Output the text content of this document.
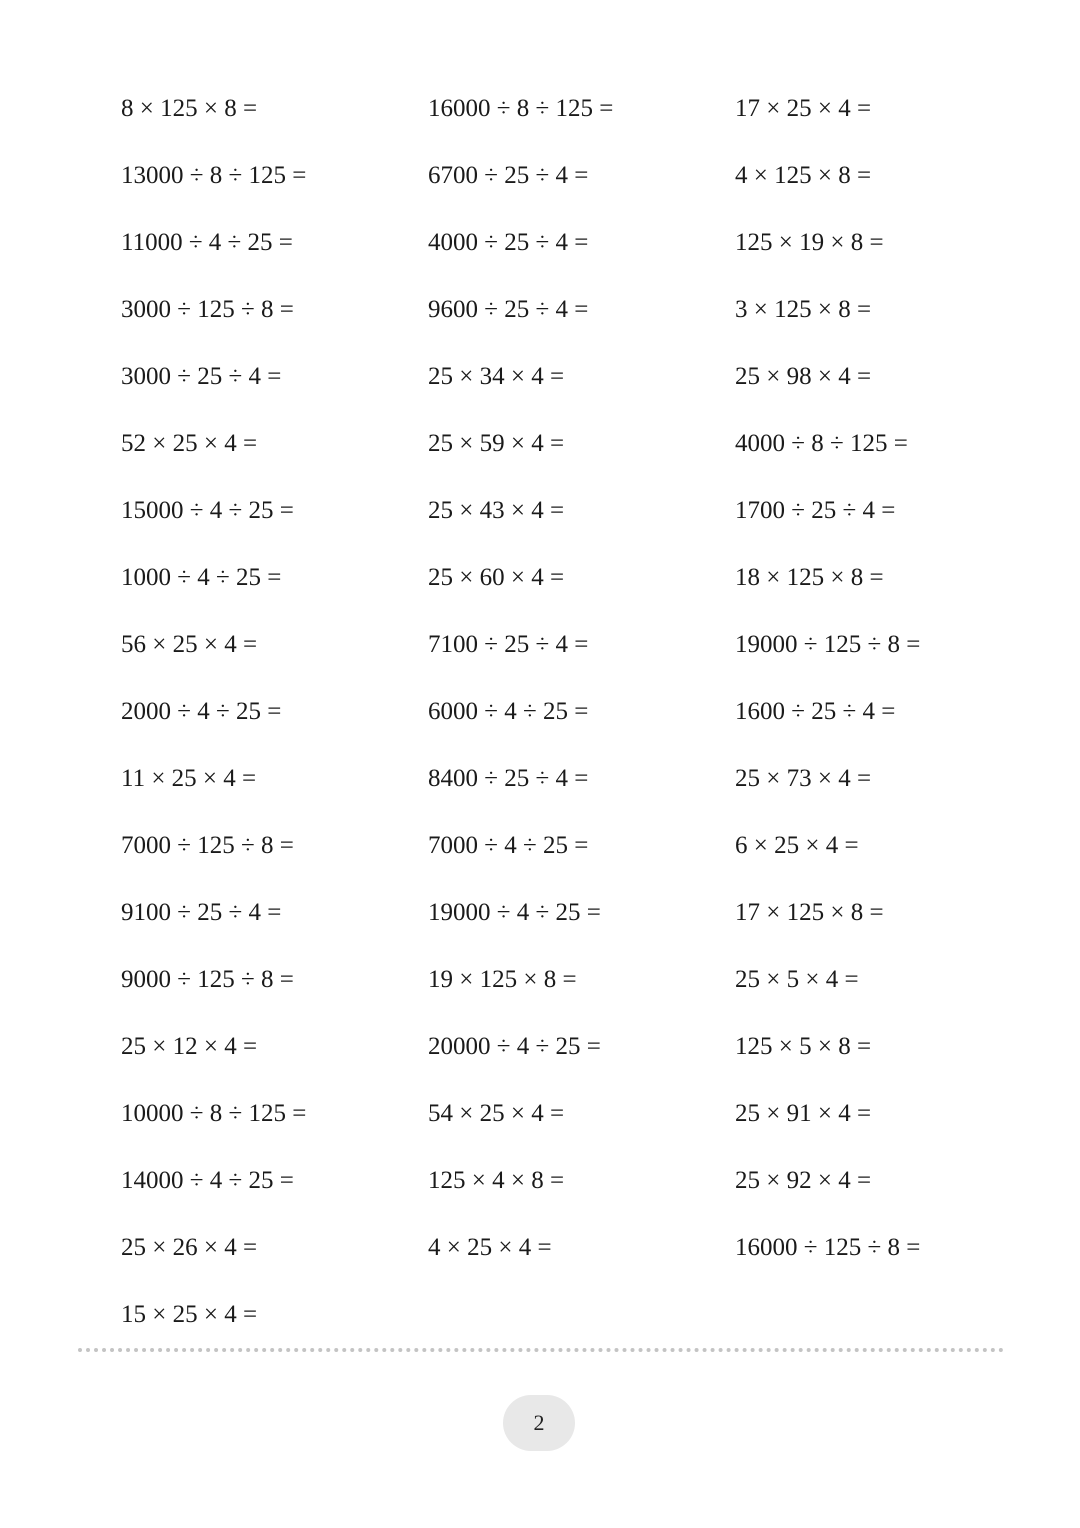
8 × 125 × 8 =	16000 ÷ 8 ÷ 125 =	17 × 25 × 4 =
13000 ÷ 8 ÷ 125 =	6700 ÷ 25 ÷ 4 =	4 × 125 × 8 =
11000 ÷ 4 ÷ 25 =	4000 ÷ 25 ÷ 4 =	125 × 19 × 8 =
3000 ÷ 125 ÷ 8 =	9600 ÷ 25 ÷ 4 =	3 × 125 × 8 =
3000 ÷ 25 ÷ 4 =	25 × 34 × 4 =	25 × 98 × 4 =
52 × 25 × 4 =	25 × 59 × 4 =	4000 ÷ 8 ÷ 125 =
15000 ÷ 4 ÷ 25 =	25 × 43 × 4 =	1700 ÷ 25 ÷ 4 =
1000 ÷ 4 ÷ 25 =	25 × 60 × 4 =	18 × 125 × 8 =
56 × 25 × 4 =	7100 ÷ 25 ÷ 4 =	19000 ÷ 125 ÷ 8 =
2000 ÷ 4 ÷ 25 =	6000 ÷ 4 ÷ 25 =	1600 ÷ 25 ÷ 4 =
11 × 25 × 4 =	8400 ÷ 25 ÷ 4 =	25 × 73 × 4 =
7000 ÷ 125 ÷ 8 =	7000 ÷ 4 ÷ 25 =	6 × 25 × 4 =
9100 ÷ 25 ÷ 4 =	19000 ÷ 4 ÷ 25 =	17 × 125 × 8 =
9000 ÷ 125 ÷ 8 =	19 × 125 × 8 =	25 × 5 × 4 =
25 × 12 × 4 =	20000 ÷ 4 ÷ 25 =	125 × 5 × 8 =
10000 ÷ 8 ÷ 125 =	54 × 25 × 4 =	25 × 91 × 4 =
14000 ÷ 4 ÷ 25 =	125 × 4 × 8 =	25 × 92 × 4 =
25 × 26 × 4 =	4 × 25 × 4 =	16000 ÷ 125 ÷ 8 =
15 × 25 × 4 =
2
